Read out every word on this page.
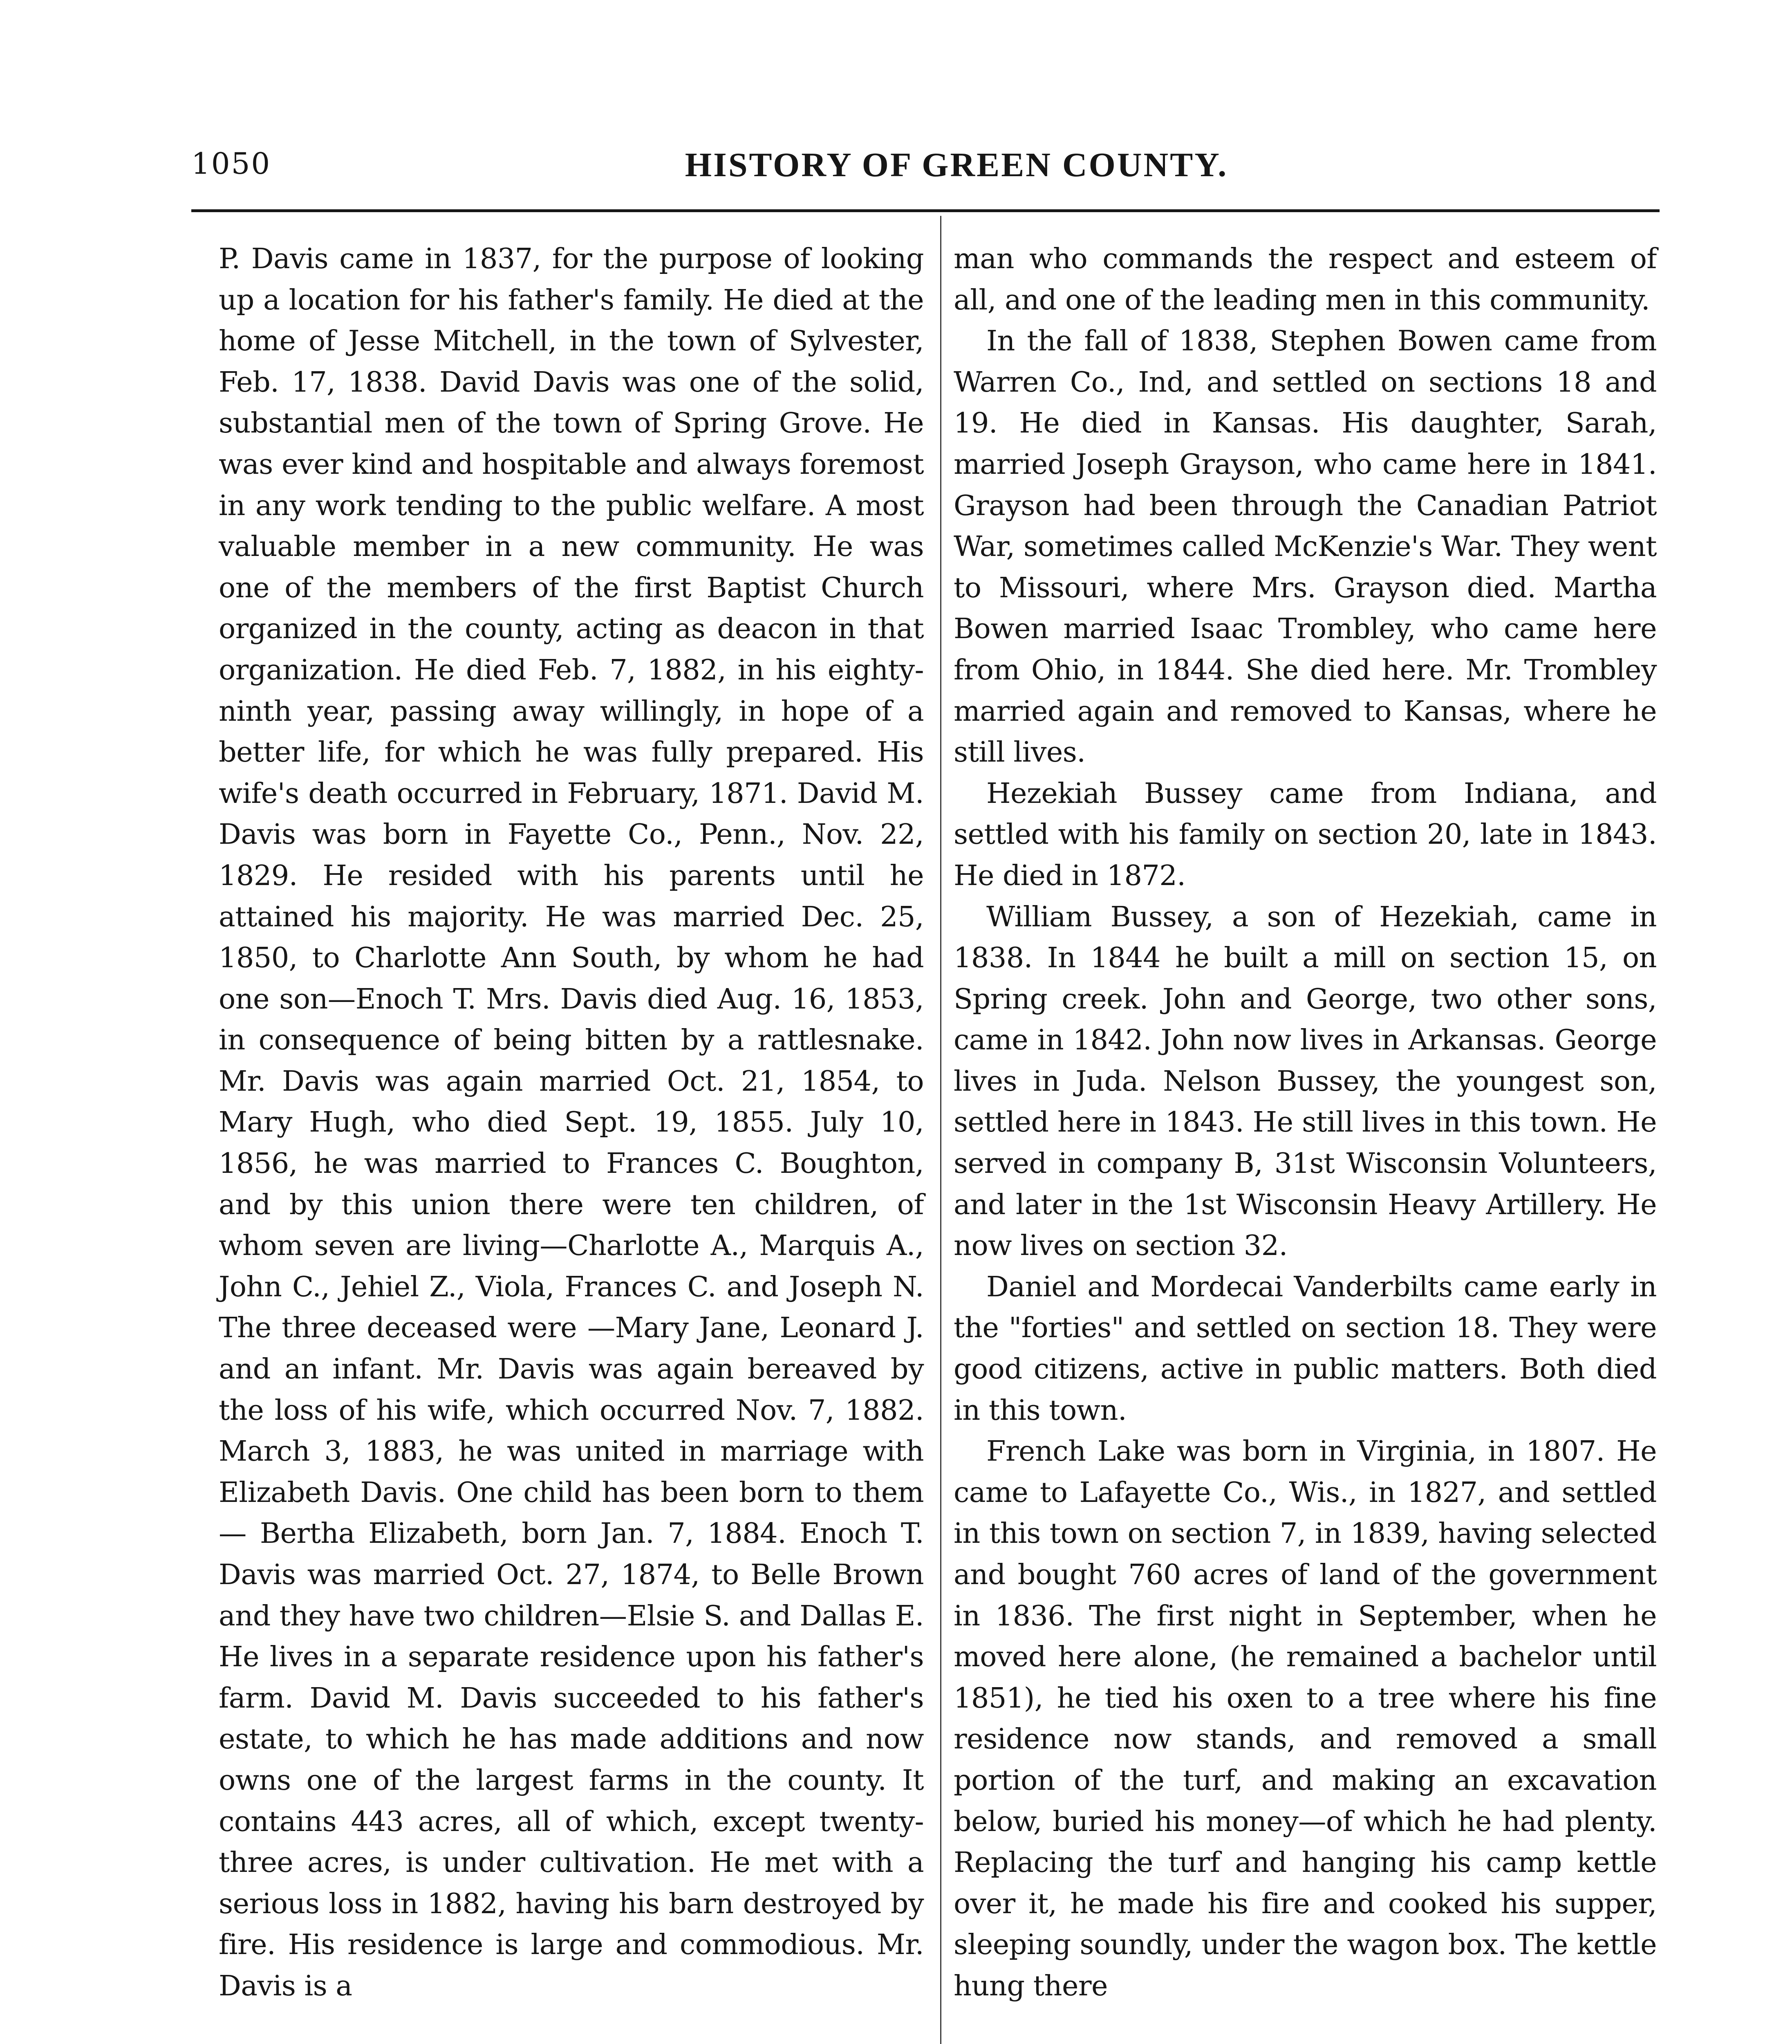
1050	HISTORY OF GREEN COUNTY.

P. Davis came in 1837, for the purpose of looking up a location for his father's family. He died at the home of Jesse Mitchell, in the town of Sylvester, Feb. 17, 1838. David Davis was one of the solid, substantial men of the town of Spring Grove. He was ever kind and hospitable and always foremost in any work tending to the public welfare. A most valuable member in a new community. He was one of the members of the first Baptist Church organized in the county, acting as deacon in that organization. He died Feb. 7, 1882, in his eighty-ninth year, passing away willingly, in hope of a better life, for which he was fully prepared. His wife's death occurred in February, 1871. David M. Davis was born in Fayette Co., Penn., Nov. 22, 1829. He resided with his parents until he attained his majority. He was married Dec. 25, 1850, to Charlotte Ann South, by whom he had one son—Enoch T. Mrs. Davis died Aug. 16, 1853, in consequence of being bitten by a rattlesnake. Mr. Davis was again married Oct. 21, 1854, to Mary Hugh, who died Sept. 19, 1855. July 10, 1856, he was married to Frances C. Boughton, and by this union there were ten children, of whom seven are living—Charlotte A., Marquis A., John C., Jehiel Z., Viola, Frances C. and Joseph N. The three deceased were —Mary Jane, Leonard J. and an infant. Mr. Davis was again bereaved by the loss of his wife, which occurred Nov. 7, 1882. March 3, 1883, he was united in marriage with Elizabeth Davis. One child has been born to them— Bertha Elizabeth, born Jan. 7, 1884. Enoch T. Davis was married Oct. 27, 1874, to Belle Brown and they have two children—Elsie S. and Dallas E. He lives in a separate residence upon his father's farm. David M. Davis succeeded to his father's estate, to which he has made additions and now owns one of the largest farms in the county. It contains 443 acres, all of which, except twenty-three acres, is under cultivation. He met with a serious loss in 1882, having his barn destroyed by fire. His residence is large and commodious. Mr. Davis is a

man who commands the respect and esteem of all, and one of the leading men in this community.

In the fall of 1838, Stephen Bowen came from Warren Co., Ind, and settled on sections 18 and 19. He died in Kansas. His daughter, Sarah, married Joseph Grayson, who came here in 1841. Grayson had been through the Canadian Patriot War, sometimes called McKenzie's War. They went to Missouri, where Mrs. Grayson died. Martha Bowen married Isaac Trombley, who came here from Ohio, in 1844. She died here. Mr. Trombley married again and removed to Kansas, where he still lives.

Hezekiah Bussey came from Indiana, and settled with his family on section 20, late in 1843. He died in 1872.

William Bussey, a son of Hezekiah, came in 1838. In 1844 he built a mill on section 15, on Spring creek. John and George, two other sons, came in 1842. John now lives in Arkansas. George lives in Juda. Nelson Bussey, the youngest son, settled here in 1843. He still lives in this town. He served in company B, 31st Wisconsin Volunteers, and later in the 1st Wisconsin Heavy Artillery. He now lives on section 32.

Daniel and Mordecai Vanderbilts came early in the "forties" and settled on section 18. They were good citizens, active in public matters. Both died in this town.

French Lake was born in Virginia, in 1807. He came to Lafayette Co., Wis., in 1827, and settled in this town on section 7, in 1839, having selected and bought 760 acres of land of the government in 1836. The first night in September, when he moved here alone, (he remained a bachelor until 1851), he tied his oxen to a tree where his fine residence now stands, and removed a small portion of the turf, and making an excavation below, buried his money—of which he had plenty. Replacing the turf and hanging his camp kettle over it, he made his fire and cooked his supper, sleeping soundly, under the wagon box. The kettle hung there
